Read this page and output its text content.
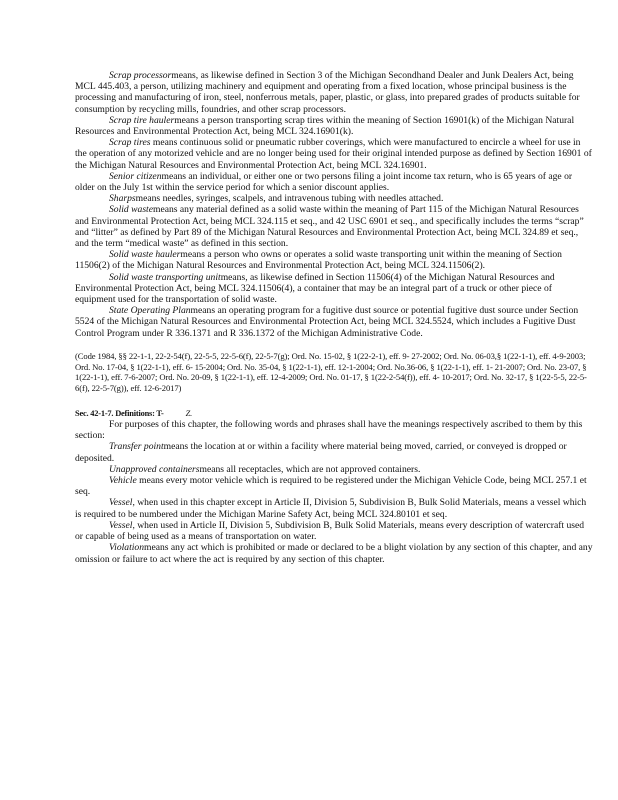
Scrap processormeans, as likewise defined in Section 3 of the Michigan Secondhand Dealer and Junk Dealers Act, being MCL 445.403, a person, utilizing machinery and equipment and operating from a fixed location, whose principal business is the processing and manufacturing of iron, steel, nonferrous metals, paper, plastic, or glass, into prepared grades of products suitable for consumption by recycling mills, foundries, and other scrap processors.

Scrap tire haulermeans a person transporting scrap tires within the meaning of Section 16901(k) of the Michigan Natural Resources and Environmental Protection Act, being MCL 324.16901(k).

Scrap tires means continuous solid or pneumatic rubber coverings, which were manufactured to encircle a wheel for use in the operation of any motorized vehicle and are no longer being used for their original intended purpose as defined by Section 16901 of the Michigan Natural Resources and Environmental Protection Act, being MCL 324.16901.

Senior citizenmeans an individual, or either one or two persons filing a joint income tax return, who is 65 years of age or older on the July 1st within the service period for which a senior discount applies.

Sharpsmeans needles, syringes, scalpels, and intravenous tubing with needles attached.

Solid wastemeans any material defined as a solid waste within the meaning of Part 115 of the Michigan Natural Resources and Environmental Protection Act, being MCL 324.115 et seq., and 42 USC 6901 et seq., and specifically includes the terms “scrap” and “litter” as defined by Part 89 of the Michigan Natural Resources and Environmental Protection Act, being MCL 324.89 et seq., and the term “medical waste” as defined in this section.

Solid waste haulermeans a person who owns or operates a solid waste transporting unit within the meaning of Section 11506(2) of the Michigan Natural Resources and Environmental Protection Act, being MCL 324.11506(2).

Solid waste transporting unitmeans, as likewise defined in Section 11506(4) of the Michigan Natural Resources and Environmental Protection Act, being MCL 324.11506(4), a container that may be an integral part of a truck or other piece of equipment used for the transportation of solid waste.

State Operating Planmeans an operating program for a fugitive dust source or potential fugitive dust source under Section 5524 of the Michigan Natural Resources and Environmental Protection Act, being MCL 324.5524, which includes a Fugitive Dust Control Program under R 336.1371 and R 336.1372 of the Michigan Administrative Code.

(Code 1984, §§ 22-1-1, 22-2-54(f), 22-5-5, 22-5-6(f), 22-5-7(g); Ord. No. 15-02, § 1(22-2-1), eff. 9- 27-2002; Ord. No. 06-03,§ 1(22-1-1), eff. 4-9-2003; Ord. No. 17-04, § 1(22-1-1), eff. 6- 15-2004; Ord. No. 35-04, § 1(22-1-1), eff. 12-1-2004; Ord. No.36-06, § 1(22-1-1), eff. 1- 21-2007; Ord. No. 23-07, § 1(22-1-1), eff. 7-6-2007; Ord. No. 20-09, § 1(22-1-1), eff. 12-4-2009; Ord. No. 01-17, § 1(22-2-54(f)), eff. 4- 10-2017; Ord. No. 32-17, § 1(22-5-5, 22-5-6(f), 22-5-7(g)), eff. 12-6-2017)

Sec. 42-1-7. Definitions: T-	Z.

For purposes of this chapter, the following words and phrases shall have the meanings respectively ascribed to them by this section:

Transfer pointmeans the location at or within a facility where material being moved, carried, or conveyed is dropped or deposited.

Unapproved containersmeans all receptacles, which are not approved containers.

Vehicle means every motor vehicle which is required to be registered under the Michigan Vehicle Code, being MCL 257.1 et seq.

Vessel, when used in this chapter except in Article II, Division 5, Subdivision B, Bulk Solid Materials, means a vessel which is required to be numbered under the Michigan Marine Safety Act, being MCL 324.80101 et seq.

Vessel, when used in Article II, Division 5, Subdivision B, Bulk Solid Materials, means every description of watercraft used or capable of being used as a means of transportation on water.

Violationmeans any act which is prohibited or made or declared to be a blight violation by any section of this chapter, and any omission or failure to act where the act is required by any section of this chapter.
